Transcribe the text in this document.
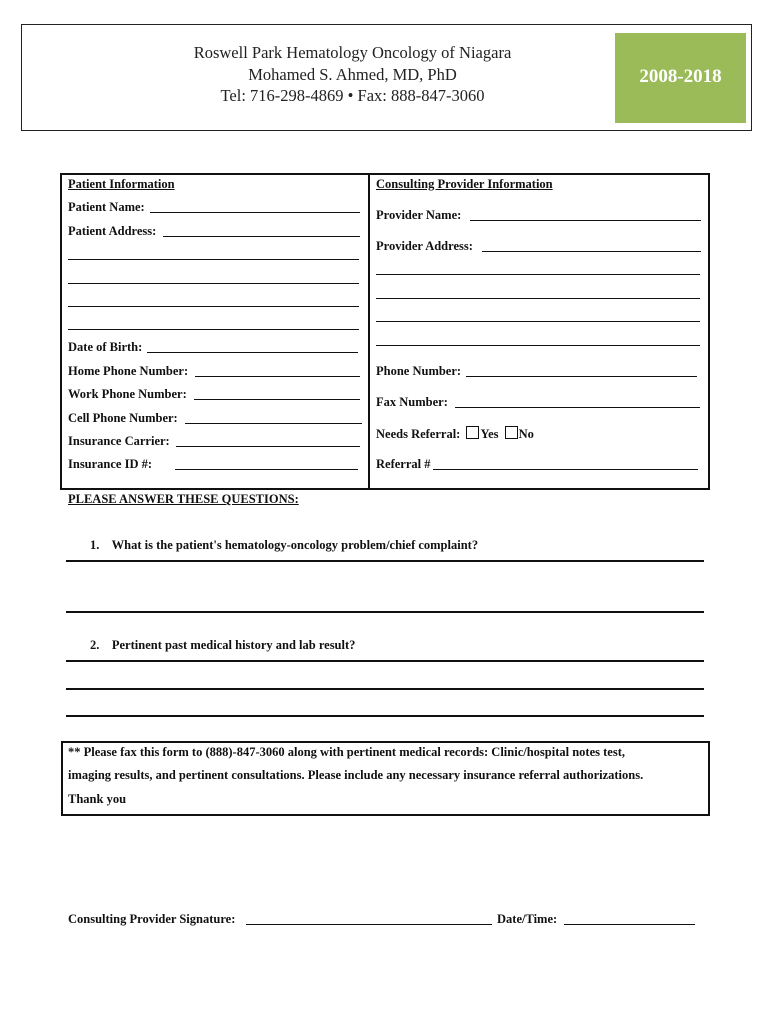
Roswell Park Hematology Oncology of Niagara
Mohamed S. Ahmed, MD, PhD
Tel: 716-298-4869 • Fax: 888-847-3060
2008-2018
Patient Information
Patient Name:
Patient Address:
Date of Birth:
Home Phone Number:
Work Phone Number:
Cell Phone Number:
Insurance Carrier:
Insurance ID #:
Consulting Provider Information
Provider Name:
Provider Address:
Phone Number:
Fax Number:
Needs Referral: Yes No
Referral #
PLEASE ANSWER THESE QUESTIONS:
1.    What is the patient's hematology-oncology problem/chief complaint?
2.    Pertinent past medical history and lab result?
** Please fax this form to (888)-847-3060 along with pertinent medical records: Clinic/hospital notes test,
imaging results, and pertinent consultations. Please include any necessary insurance referral authorizations.
Thank you
Consulting Provider Signature:	Date/Time:
